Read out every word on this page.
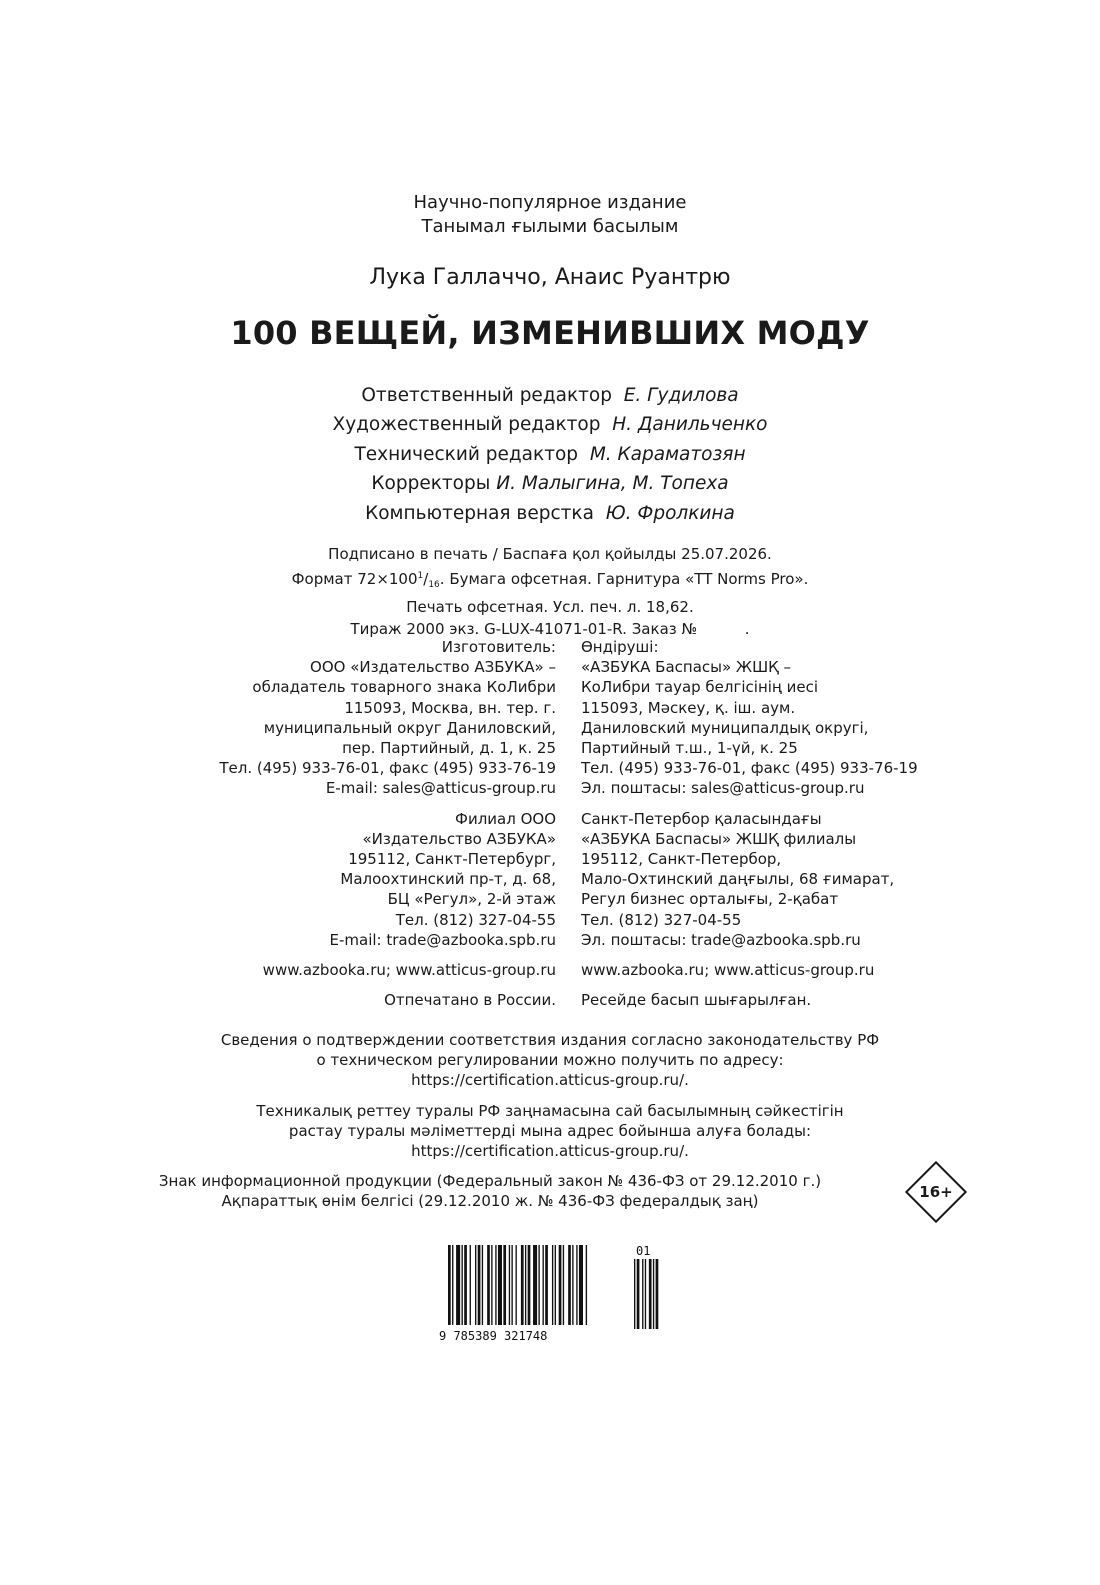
Научно-популярное издание
Танымал ғылыми басылым
Лука Галлаччо, Анаис Руантрю
100 ВЕЩЕЙ, ИЗМЕНИВШИХ МОДУ
Ответственный редактор Е. Гудилова
Художественный редактор Н. Данильченко
Технический редактор М. Караматозян
Корректоры И. Малыгина, М. Топеха
Компьютерная верстка Ю. Фролкина
Подписано в печать / Баспаға қол қойылды 25.07.2026.
Формат $72\times 100^1/_{16}$. Бумага офсетная. Гарнитура «TT Norms Pro».
Печать офсетная. Усл. печ. л. 18,62.
Тираж 2000 экз. G-LUX-41071-01-R. Заказ №          .
Изготовитель:
ООО «Издательство АЗБУКА» –
обладатель товарного знака КоЛибри
115093, Москва, вн. тер. г.
муниципальный округ Даниловский,
пер. Партийный, д. 1, к. 25
Тел. (495) 933-76-01, факс (495) 933-76-19
E-mail: sales@atticus-group.ru
Филиал ООО
«Издательство АЗБУКА»
195112, Санкт-Петербург,
Малоохтинский пр-т, д. 68,
БЦ «Регул», 2-й этаж
Тел. (812) 327-04-55
E-mail: trade@azbooka.spb.ru
www.azbooka.ru; www.atticus-group.ru
Отпечатано в России.
Өндіруші:
«АЗБУКА Баспасы» ЖШҚ –
КоЛибри тауар белгісінің иесі
115093, Мәскеу, қ. іш. аум.
Даниловский муниципалдық округі,
Партийный т.ш., 1-үй, к. 25
Тел. (495) 933-76-01, факс (495) 933-76-19
Эл. поштасы: sales@atticus-group.ru
Санкт-Петербор қаласындағы
«АЗБУКА Баспасы» ЖШҚ филиалы
195112, Санкт-Петербор,
Мало-Охтинский даңғылы, 68 ғимарат,
Регул бизнес орталығы, 2-қабат
Тел. (812) 327-04-55
Эл. поштасы: trade@azbooka.spb.ru
www.azbooka.ru; www.atticus-group.ru
Ресейде басып шығарылған.
Сведения о подтверждении соответствия издания согласно законодательству РФ
о техническом регулировании можно получить по адресу:
https://certification.atticus-group.ru/.
Техникалық реттеу туралы РФ заңнамасына сай басылымның сәйкестігін
растау туралы мәліметтерді мына адрес бойынша алуға болады:
https://certification.atticus-group.ru/.
Знак информационной продукции (Федеральный закон № 436-ФЗ от 29.12.2010 г.)
Ақпараттық өнім белгісі (29.12.2010 ж. № 436-ФЗ федералдық заң)
16+
9 785389 321748
01
